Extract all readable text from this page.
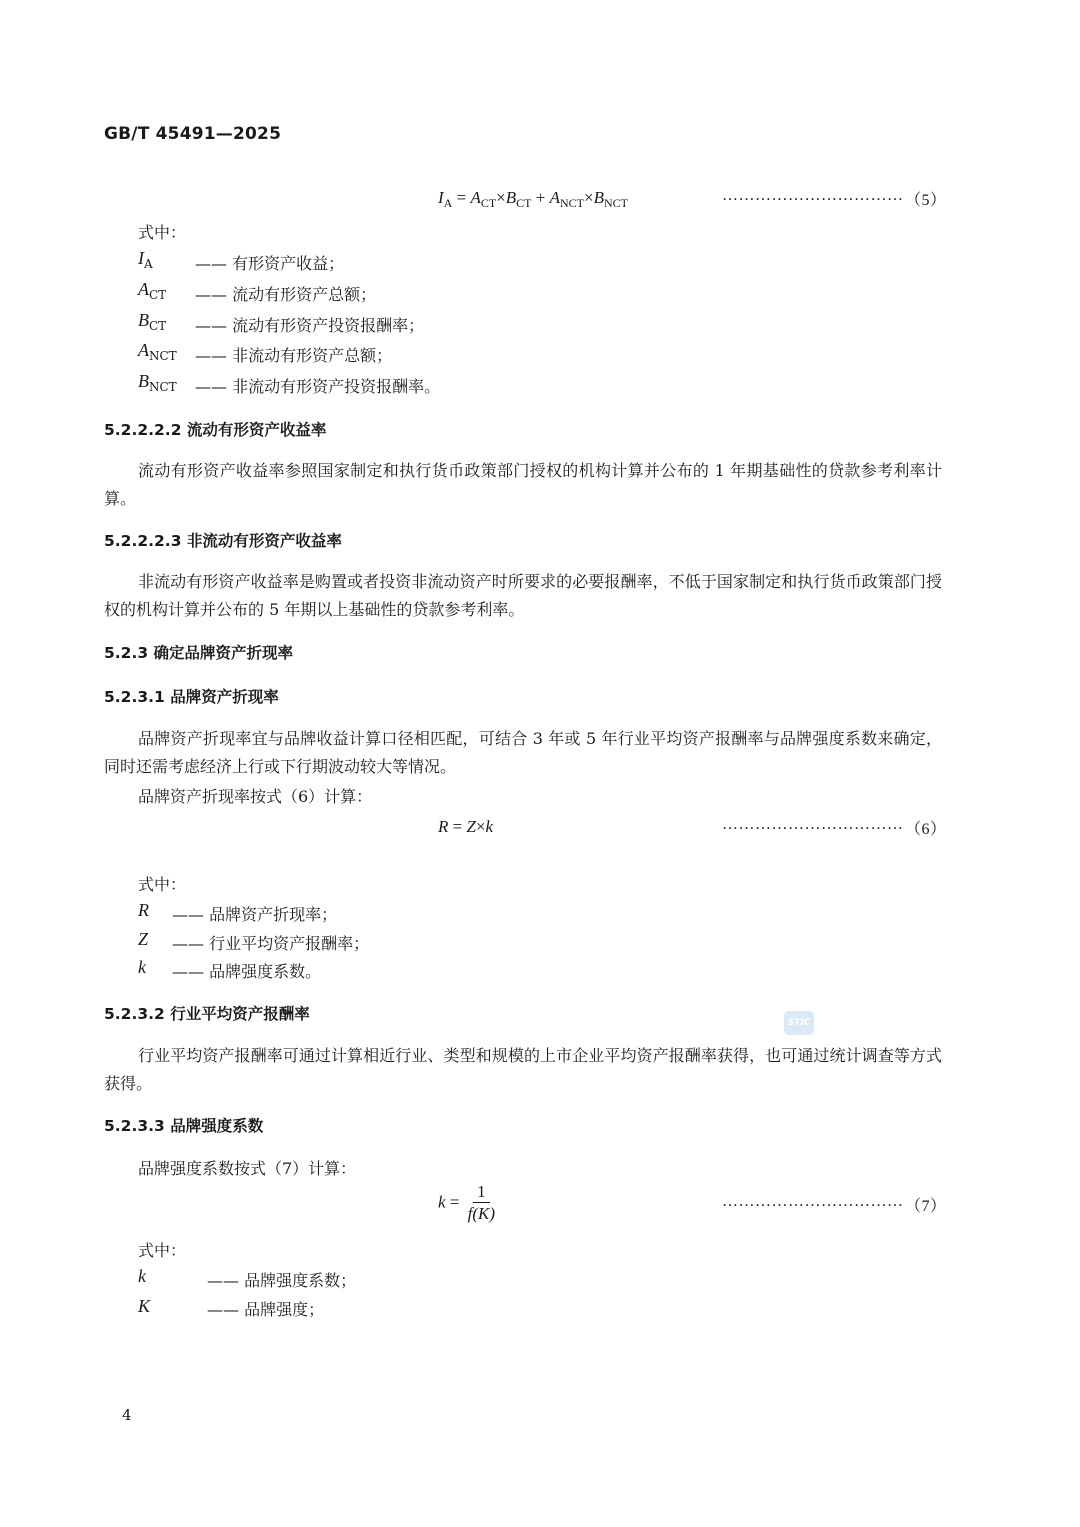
GB/T 45491—2025
$I_A = A_{CT}\times B_{CT} + A_{NCT}\times B_{NCT}$	…………………………… （5）
式中：
$I_A$	—— 有形资产收益；
$A_{CT}$ —— 流动有形资产总额；
$B_{CT}$ —— 流动有形资产投资报酬率；
$A_{NCT}$ —— 非流动有形资产总额；
$B_{NCT}$ —— 非流动有形资产投资报酬率。
5.2.2.2.2 流动有形资产收益率
流动有形资产收益率参照国家制定和执行货币政策部门授权的机构计算并公布的 1 年期基础性的贷款参考利率计算。
5.2.2.2.3 非流动有形资产收益率
非流动有形资产收益率是购置或者投资非流动资产时所要求的必要报酬率，不低于国家制定和执行货币政策部门授权的机构计算并公布的 5 年期以上基础性的贷款参考利率。
5.2.3 确定品牌资产折现率
5.2.3.1 品牌资产折现率
品牌资产折现率宜与品牌收益计算口径相匹配，可结合 3 年或 5 年行业平均资产报酬率与品牌强度系数来确定，同时还需考虑经济上行或下行期波动较大等情况。
品牌资产折现率按式（6）计算：
R = Z×k	…………………………… （6）
式中：
R —— 品牌资产折现率；
Z —— 行业平均资产报酬率；
k —— 品牌强度系数。
5.2.3.2 行业平均资产报酬率	STIC
行业平均资产报酬率可通过计算相近行业、类型和规模的上市企业平均资产报酬率获得，也可通过统计调查等方式获得。
5.2.3.3 品牌强度系数
品牌强度系数按式（7）计算：
$k = \frac{1}{f(K)}$	…………………………… （7）
式中：
k	—— 品牌强度系数；
K	—— 品牌强度；
4
